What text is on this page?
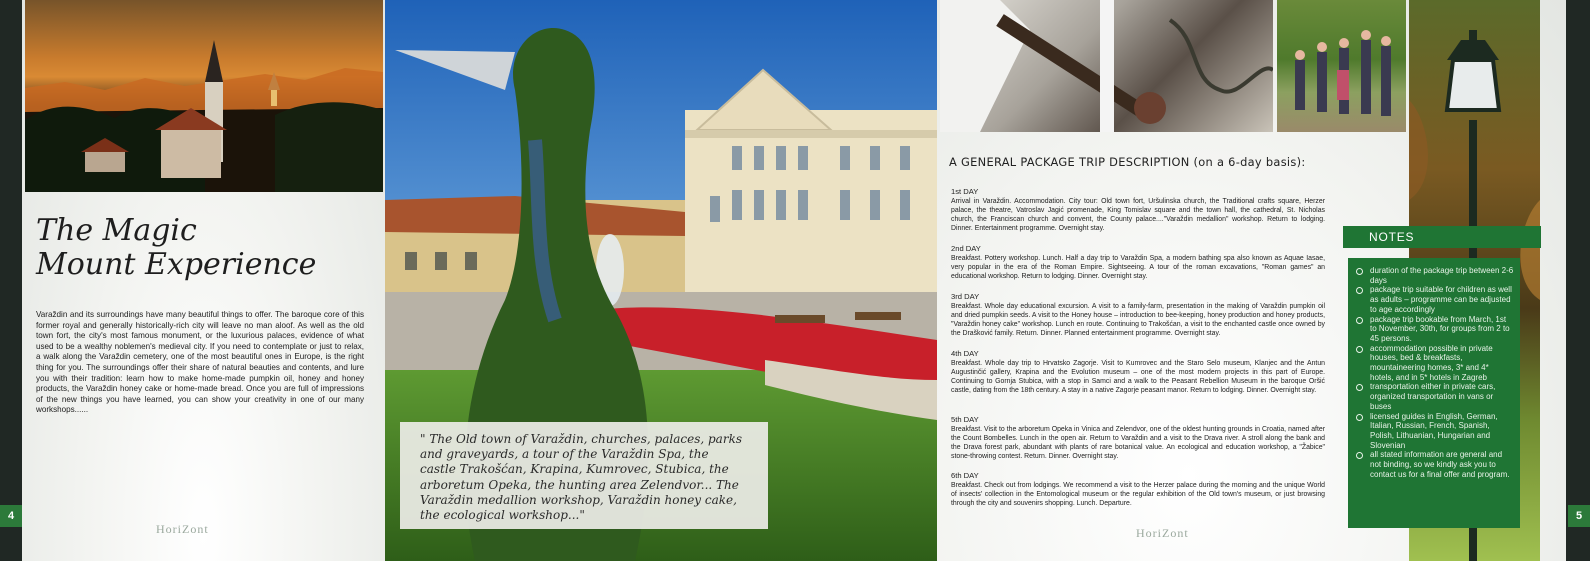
The Magic
Mount Experience
Varaždin and its surroundings have many beautiful things to offer. The baroque core of this former royal and generally historically-rich city will leave no man aloof. As well as the old town fort, the city's most famous monument, or the luxurious palaces, evidence of what used to be a wealthy noblemen's medieval city. If you need to contemplate or just to relax, a walk along the Varaždin cemetery, one of the most beautiful ones in Europe, is the right thing for you. The surroundings offer their share of natural beauties and contents, and lure you with their tradition: learn how to make home-made pumpkin oil, honey and honey products, the Varaždin honey cake or home-made bread. Once you are full of impressions of the new things you have learned, you can show your creativity in one of our many workshops......
4
HoriZont
" The Old town of Varaždin, churches, palaces, parks and graveyards, a tour of the Varaždin Spa, the castle Trakošćan, Krapina, Kumrovec, Stubica, the arboretum Opeka, the hunting area Zelendvor... The Varaždin medallion workshop, Varaždin honey cake, the ecological workshop..."
A GENERAL PACKAGE TRIP DESCRIPTION (on a 6-day basis):
1st DAY
Arrival in Varaždin. Accommodation. City tour: Old town fort, Uršulinska church, the Traditional crafts square, Herzer palace, the theatre, Vatroslav Jagić promenade, King Tomislav square and the town hall, the cathedral, St. Nicholas church, the Franciscan church and convent, the County palace...."Varaždin medallion" workshop. Return to lodging. Dinner. Entertainment programme. Overnight stay.
2nd DAY
Breakfast. Pottery workshop. Lunch. Half a day trip to Varaždin Spa, a modern bathing spa also known as Aquae Iasae, very popular in the era of the Roman Empire. Sightseeing. A tour of the roman excavations, "Roman games" an educational workshop. Return to lodging. Dinner. Overnight stay.
3rd DAY
Breakfast. Whole day educational excursion. A visit to a family-farm, presentation in the making of Varaždin pumpkin oil and dried pumpkin seeds. A visit to the Honey house – introduction to bee-keeping, honey production and honey products, "Varaždin honey cake" workshop. Lunch en route. Continuing to Trakošćan, a visit to the enchanted castle once owned by the Drašković family. Return. Dinner. Planned entertainment programme. Overnight stay.
4th DAY
Breakfast. Whole day trip to Hrvatsko Zagorje. Visit to Kumrovec and the Staro Selo museum, Klanjec and the Antun Augustinčić gallery, Krapina and the Evolution museum – one of the most modern projects in this part of Europe. Continuing to Gornja Stubica, with a stop in Samci and a walk to the Peasant Rebellion Museum in the baroque Oršić castle, dating from the 18th century. A stay in a native Zagorje peasant manor. Return to lodging. Dinner. Overnight stay.
5th DAY
Breakfast. Visit to the arboretum Opeka in Vinica and Zelendvor, one of the oldest hunting grounds in Croatia, named after the Count Bombelles. Lunch in the open air. Return to Varaždin and a visit to the Drava river. A stroll along the bank and the Drava forest park, abundant with plants of rare botanical value. An ecological and education workshop, a "Žabice" stone-throwing contest. Return. Dinner. Overnight stay.
6th DAY
Breakfast. Check out from lodgings. We recommend a visit to the Herzer palace during the morning and the unique World of insects' collection in the Entomological museum or the regular exhibition of the Old town's museum, or just browsing through the city and souvenirs shopping. Lunch. Departure.
NOTES
duration of the package trip between 2-6 days
package trip suitable for children as well as adults – programme can be adjusted to age accordingly
package trip bookable from March, 1st to November, 30th, for groups from 2 to 45 persons.
accommodation possible in private houses, bed & breakfasts, mountaineering homes, 3* and 4* hotels, and in 5* hotels in Zagreb
transportation either in private cars, organized transportation in vans or buses
licensed guides in English, German, Italian, Russian, French, Spanish, Polish, Lithuanian, Hungarian and Slovenian
all stated information are general and not binding, so we kindly ask you to contact us for a final offer and program.
HoriZont
5
